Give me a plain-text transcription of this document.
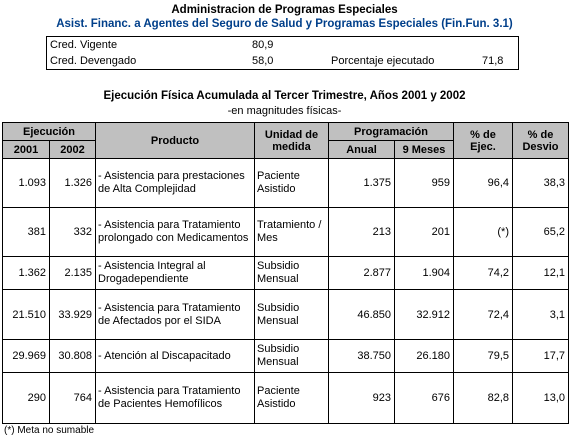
Administracion de Programas Especiales
Asist. Financ. a Agentes del Seguro de Salud y Programas Especiales (Fin.Fun. 3.1)
Cred. Vigente	80,9
Cred. Devengado	58,0	Porcentaje ejecutado	71,8
Ejecución Física Acumulada al Tercer Trimestre, Años 2001 y 2002
-en magnitudes físicas-
Ejecución		Producto	Unidad de medida	Programación		% de Ejec.	% de Desvio
2001	2002			Anual	9 Meses		
1.093	1.326	- Asistencia para prestaciones de Alta Complejidad	Paciente Asistido	1.375	959	96,4	38,3
381	332	- Asistencia para Tratamiento prolongado con Medicamentos	Tratamiento / Mes	213	201	(*)	65,2
1.362	2.135	- Asistencia Integral al Drogadependiente	Subsidio Mensual	2.877	1.904	74,2	12,1
21.510	33.929	- Asistencia para Tratamiento de Afectados por el SIDA	Subsidio Mensual	46.850	32.912	72,4	3,1
29.969	30.808	- Atención al Discapacitado	Subsidio Mensual	38.750	26.180	79,5	17,7
290	764	- Asistencia para Tratamiento de Pacientes Hemofílicos	Paciente Asistido	923	676	82,8	13,0
(*) Meta no sumable
